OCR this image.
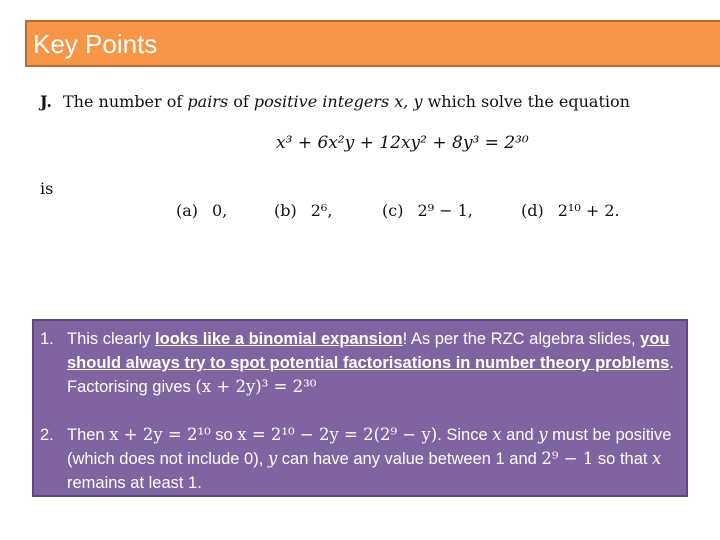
Key Points
J. The number of pairs of positive integers x, y which solve the equation
x³ + 6x²y + 12xy² + 8y³ = 2³⁰
is
(a) 0,	(b) 2⁶,	(c) 2⁹ − 1,	(d) 2¹⁰ + 2.
1. This clearly looks like a binomial expansion! As per the RZC algebra slides, you should always try to spot potential factorisations in number theory problems.
Factorising gives (x + 2y)³ = 2³⁰
2. Then x + 2y = 2¹⁰ so x = 2¹⁰ − 2y = 2(2⁹ − y). Since x and y must be positive (which does not include 0), y can have any value between 1 and 2⁹ − 1 so that x remains at least 1.
